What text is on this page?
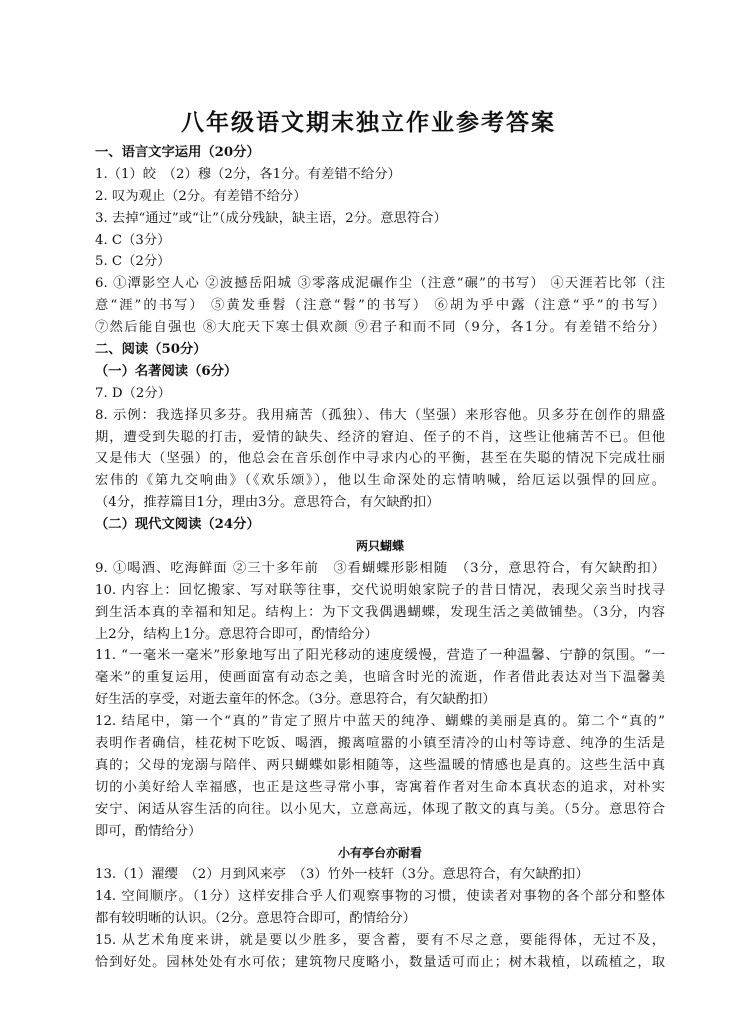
八年级语文期末独立作业参考答案
一、语言文字运用（20分）
1.（1）皎　（2）穆（2分，各1分。有差错不给分）
2. 叹为观止（2分。有差错不给分）
3. 去掉“通过”或“让”（成分残缺，缺主语，2分。意思符合）
4. C（3分）
5. C（2分）
6. ①潭影空人心 ②波撼岳阳城 ③零落成泥碾作尘（注意“碾”的书写） ④天涯若比邻（注
意“涯”的书写） ⑤黄发垂髫（注意“髫”的书写） ⑥胡为乎中露（注意“乎”的书写）
⑦然后能自强也 ⑧大庇天下寒士俱欢颜 ⑨君子和而不同（9分，各1分。有差错不给分）
二、阅读（50分）
（一）名著阅读（6分）
7. D（2分）
8. 示例：我选择贝多芬。我用痛苦（孤独）、伟大（坚强）来形容他。贝多芬在创作的鼎盛
期，遭受到失聪的打击，爱情的缺失、经济的窘迫、侄子的不肖，这些让他痛苦不已。但他
又是伟大（坚强）的，他总会在音乐创作中寻求内心的平衡，甚至在失聪的情况下完成壮丽
宏伟的《第九交响曲》（《欢乐颂》），他以生命深处的忘情呐喊，给厄运以强悍的回应。
（4分，推荐篇目1分，理由3分。意思符合，有欠缺酌扣）
（二）现代文阅读（24分）
两只蝴蝶
9. ①喝酒、吃海鲜面 ②三十多年前　③看蝴蝶形影相随　（3分，意思符合，有欠缺酌扣）
10. 内容上：回忆搬家、写对联等往事，交代说明娘家院子的昔日情况，表现父亲当时找寻
到生活本真的幸福和知足。结构上：为下文我偶遇蝴蝶，发现生活之美做铺垫。（3分，内容
上2分，结构上1分。意思符合即可，酌情给分）
11. “一毫米一毫米”形象地写出了阳光移动的速度缓慢，营造了一种温馨、宁静的氛围。“一
毫米”的重复运用，使画面富有动态之美，也暗含时光的流逝，作者借此表达对当下温馨美
好生活的享受，对逝去童年的怀念。（3分。意思符合，有欠缺酌扣）
12. 结尾中，第一个“真的”肯定了照片中蓝天的纯净、蝴蝶的美丽是真的。第二个“真的”
表明作者确信，桂花树下吃饭、喝酒，搬离喧嚣的小镇至清冷的山村等诗意、纯净的生活是
真的；父母的宠溺与陪伴、两只蝴蝶如影相随等，这些温暖的情感也是真的。这些生活中真
切的小美好给人幸福感，也正是这些寻常小事，寄寓着作者对生命本真状态的追求，对朴实
安宁、闲适从容生活的向往。以小见大，立意高远，体现了散文的真与美。（5分。意思符合
即可，酌情给分）
小有亭台亦耐看
13.（1）濯缨　（2）月到风来亭　（3）竹外一枝轩（3分。意思符合，有欠缺酌扣）
14. 空间顺序。（1分）这样安排合乎人们观察事物的习惯，使读者对事物的各个部分和整体
都有较明晰的认识。（2分。意思符合即可，酌情给分）
15. 从艺术角度来讲，就是要以少胜多，要含蓄，要有不尽之意，要能得体，无过不及，
恰到好处。园林处处有水可依；建筑物尺度略小，数量适可而止；树木栽植，以疏植之，取
